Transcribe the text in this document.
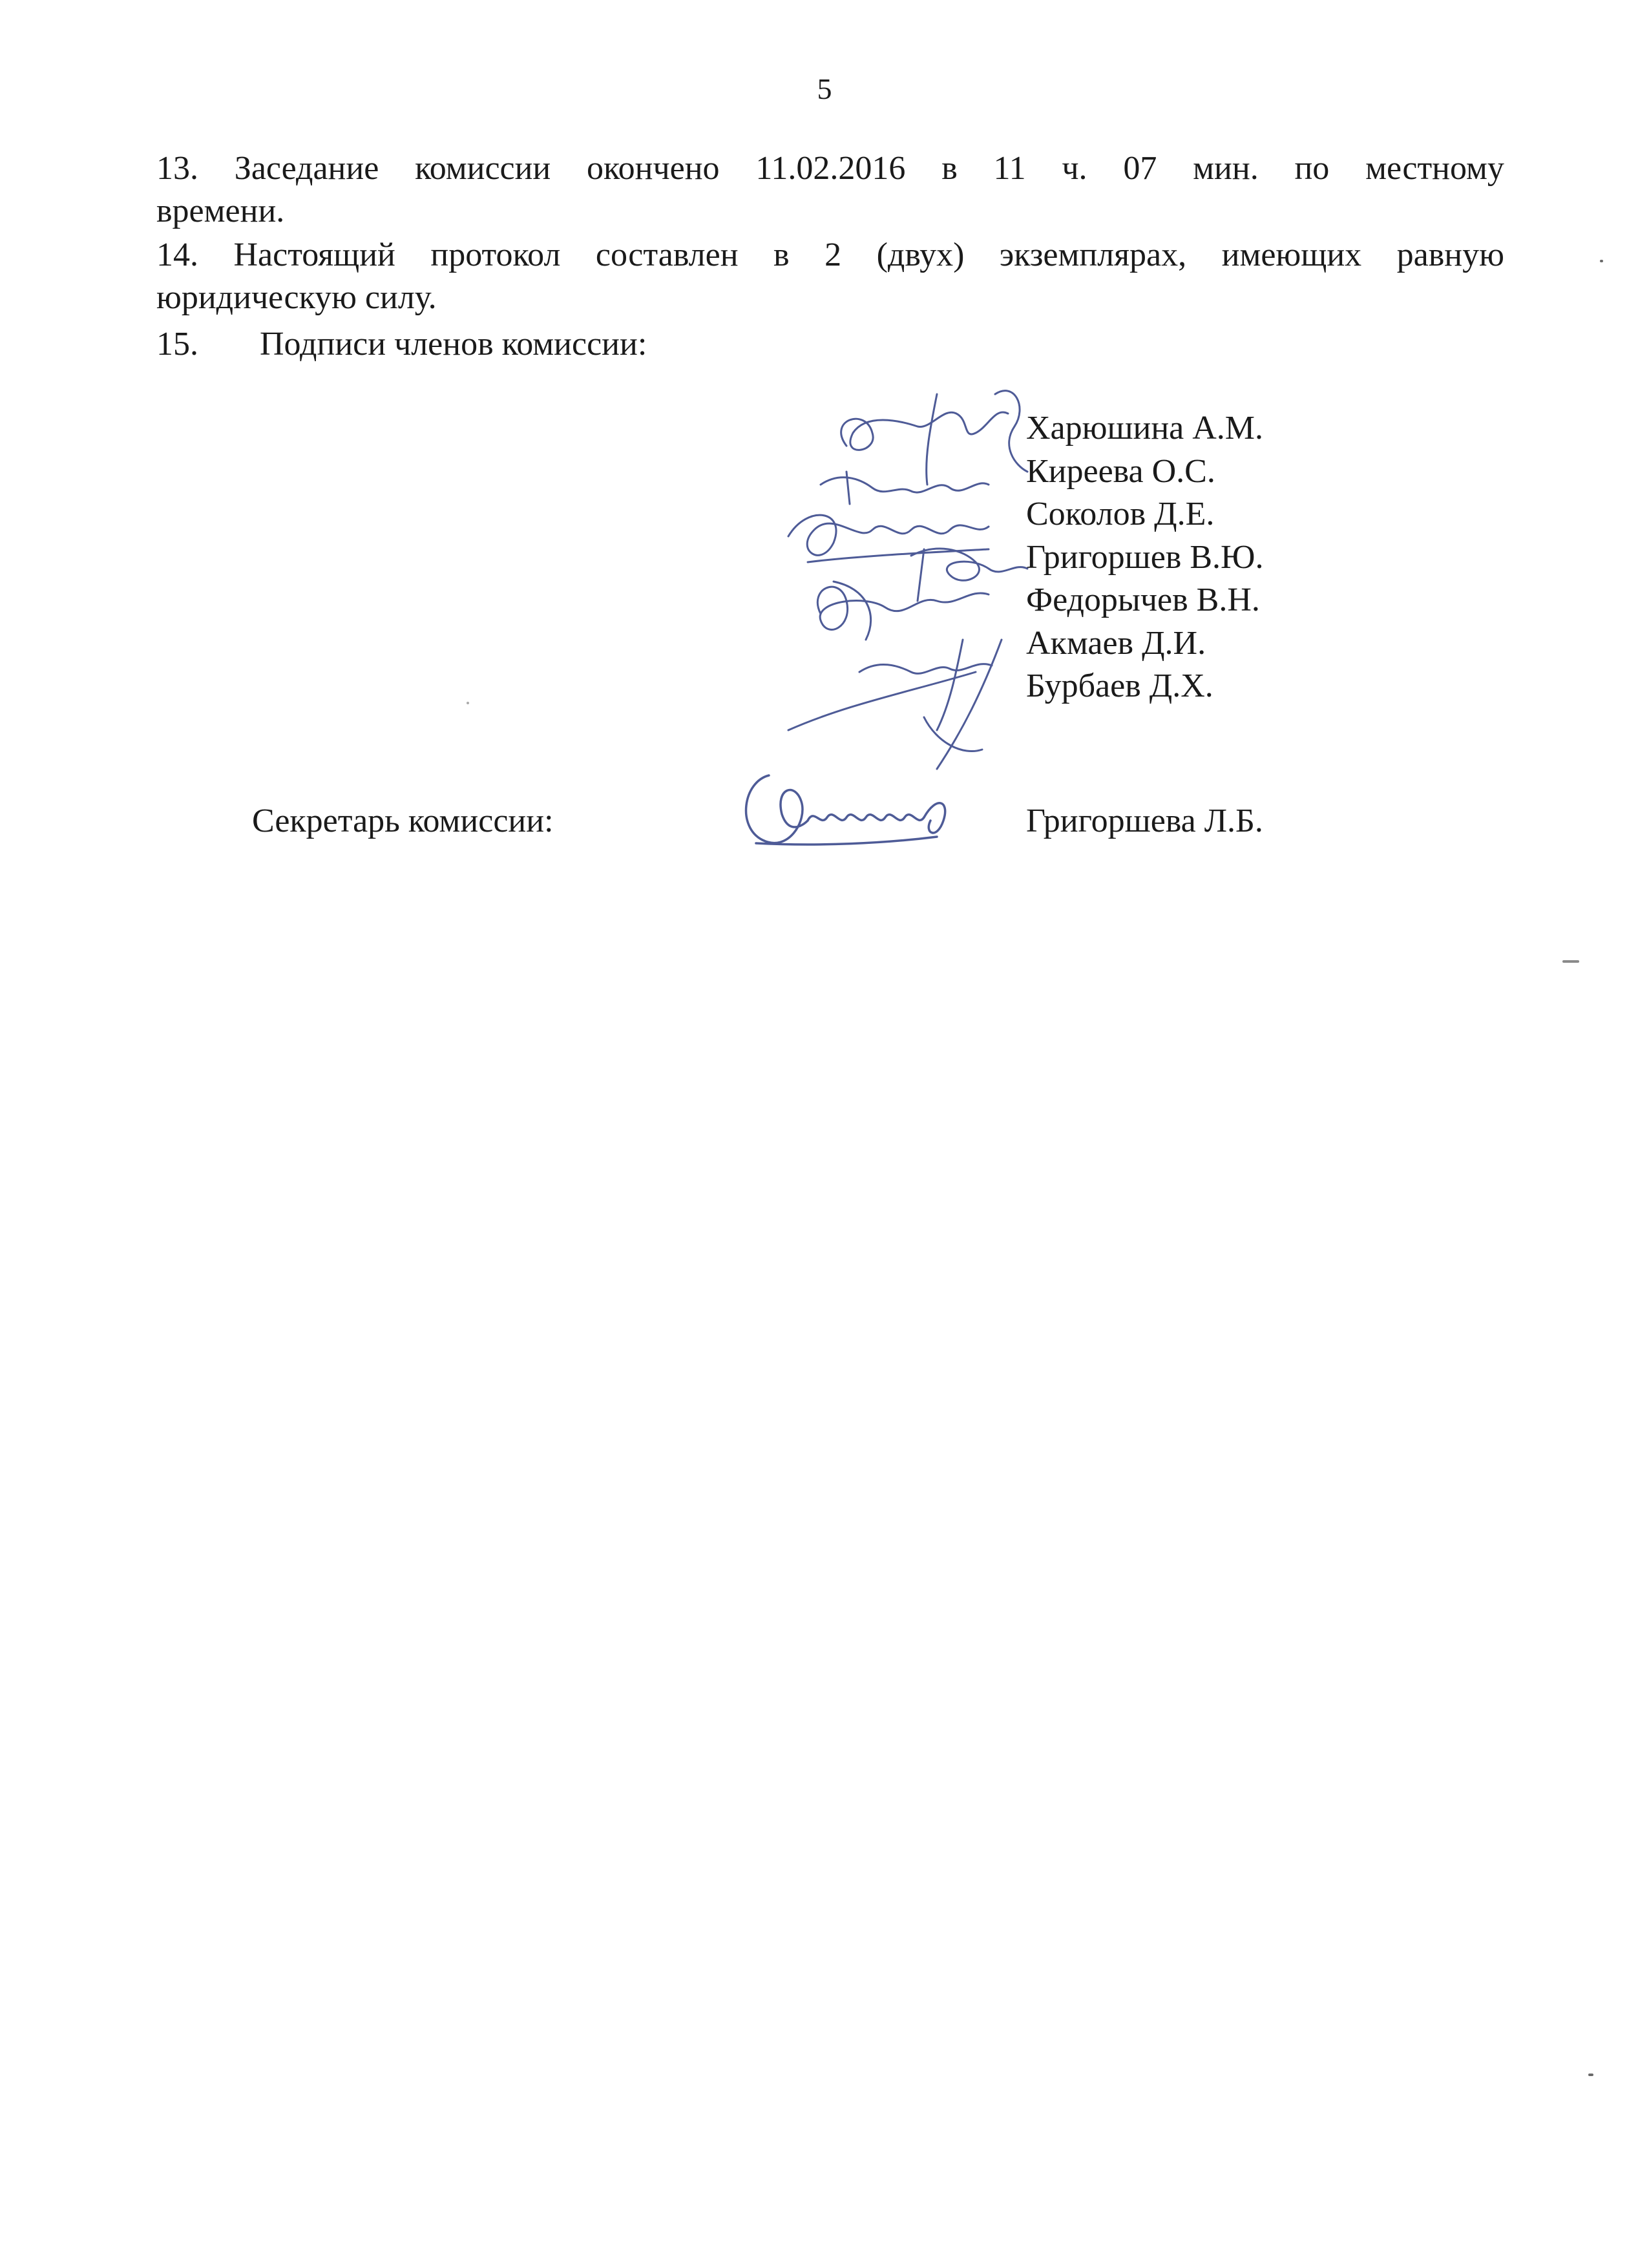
5
13. Заседание комиссии окончено 11.02.2016 в 11 ч. 07 мин. по местному
времени.
14. Настоящий протокол составлен в 2 (двух) экземплярах, имеющих равную
юридическую силу.
15. Подписи членов комиссии:
Харюшина А.М.
Киреева О.С.
Соколов Д.Е.
Григоршев В.Ю.
Федорычев В.Н.
Акмаев Д.И.
Бурбаев Д.Х.
Секретарь комиссии:	Григоршева Л.Б.
